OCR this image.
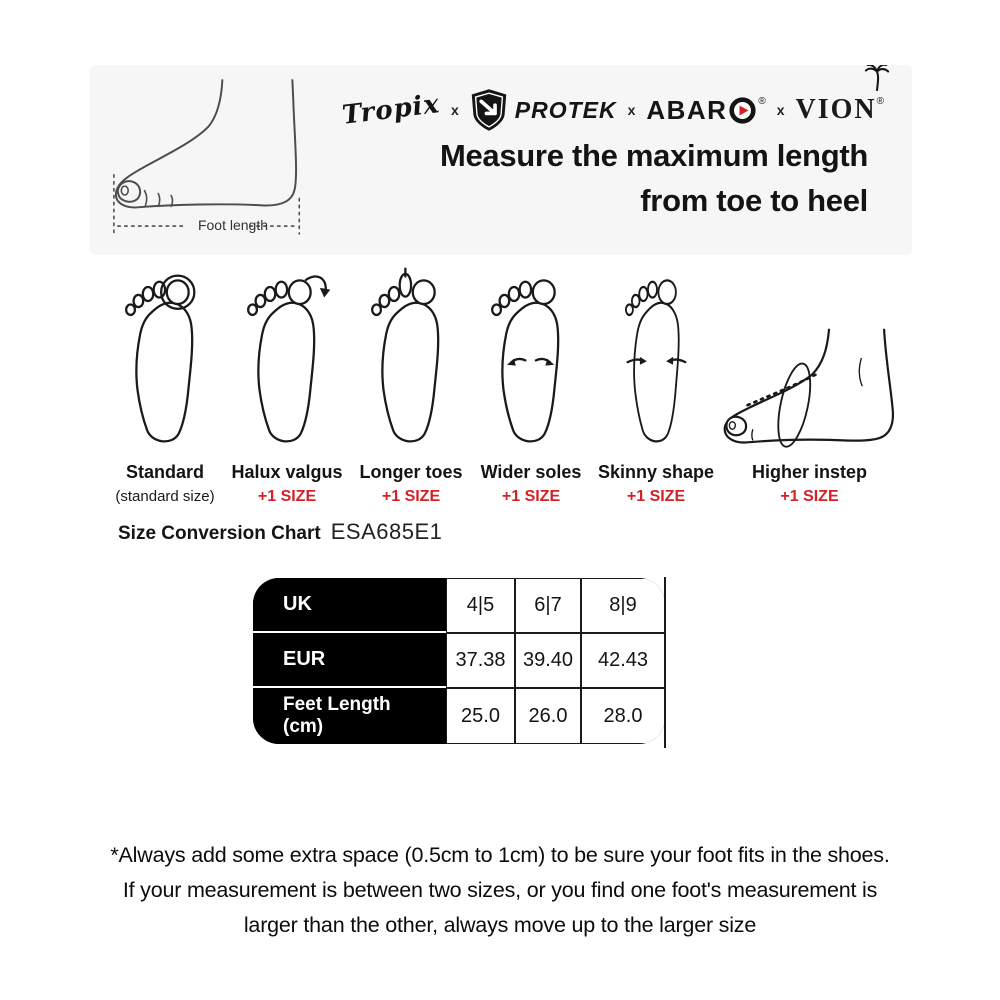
Foot length
Tropix x PROTEK x ABAR	®
x VION ®
Measure the maximum length
from toe to heel
Standard
(standard size)
Halux valgus
+1 SIZE
Longer toes
+1 SIZE
Wider soles
+1 SIZE
Skinny shape
+1 SIZE
Higher instep
+1 SIZE
Size Conversion Chart ESA685E1
UK	4|5	6|7	8|9
EUR	37.38 39.40	42.43
Feet Length
(cm)	25.0	26.0	28.0
*Always add some extra space (0.5cm to 1cm) to be sure your foot fits in the shoes.
If your measurement is between two sizes, or you find one foot's measurement is
larger than the other, always move up to the larger size
